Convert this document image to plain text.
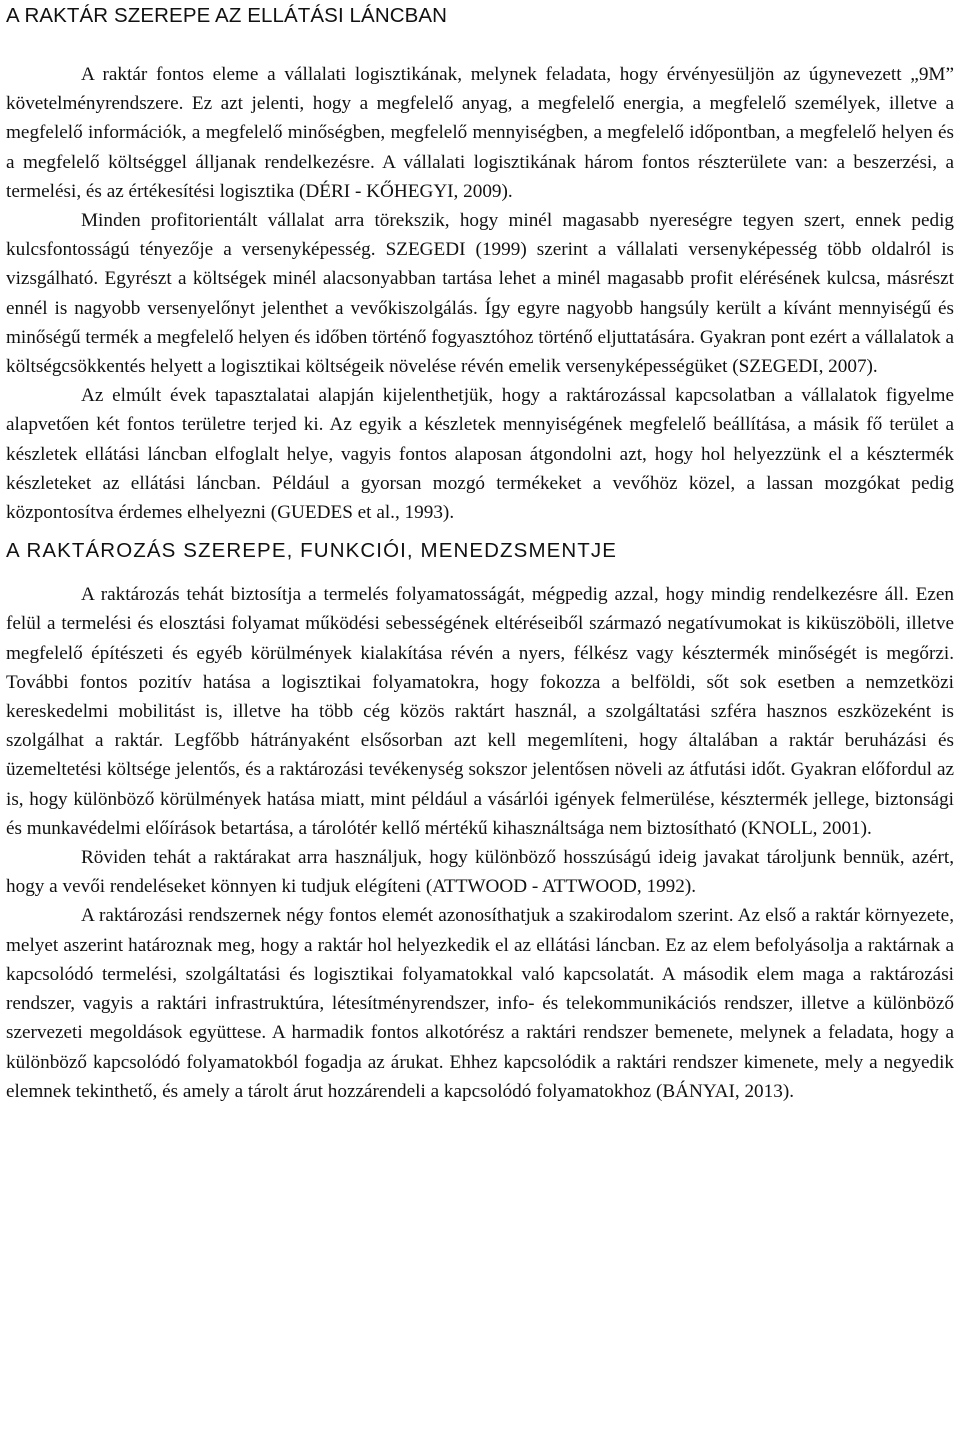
A RAKTÁR SZEREPE AZ ELLÁTÁSI LÁNCBAN

A raktár fontos eleme a vállalati logisztikának, melynek feladata, hogy érvényesüljön az úgynevezett „9M” követelményrendszere. Ez azt jelenti, hogy a megfelelő anyag, a megfelelő energia, a megfelelő személyek, illetve a megfelelő információk, a megfelelő minőségben, megfelelő mennyiségben, a megfelelő időpontban, a megfelelő helyen és a megfelelő költséggel álljanak rendelkezésre. A vállalati logisztikának három fontos részterülete van: a beszerzési, a termelési, és az értékesítési logisztika (DÉRI - KŐHEGYI, 2009).

Minden profitorientált vállalat arra törekszik, hogy minél magasabb nyereségre tegyen szert, ennek pedig kulcsfontosságú tényezője a versenyképesség. SZEGEDI (1999) szerint a vállalati versenyképesség több oldalról is vizsgálható. Egyrészt a költségek minél alacsonyabban tartása lehet a minél magasabb profit elérésének kulcsa, másrészt ennél is nagyobb versenyelőnyt jelenthet a vevőkiszolgálás. Így egyre nagyobb hangsúly került a kívánt mennyiségű és minőségű termék a megfelelő helyen és időben történő fogyasztóhoz történő eljuttatására. Gyakran pont ezért a vállalatok a költségcsökkentés helyett a logisztikai költségeik növelése révén emelik versenyképességüket (SZEGEDI, 2007).

Az elmúlt évek tapasztalatai alapján kijelenthetjük, hogy a raktározással kapcsolatban a vállalatok figyelme alapvetően két fontos területre terjed ki. Az egyik a készletek mennyiségének megfelelő beállítása, a másik fő terület a készletek ellátási láncban elfoglalt helye, vagyis fontos alaposan átgondolni azt, hogy hol helyezzünk el a késztermék készleteket az ellátási láncban. Például a gyorsan mozgó termékeket a vevőhöz közel, a lassan mozgókat pedig központosítva érdemes elhelyezni (GUEDES et al., 1993).

A RAKTÁROZÁS SZEREPE, FUNKCIÓI, MENEDZSMENTJE

A raktározás tehát biztosítja a termelés folyamatosságát, mégpedig azzal, hogy mindig rendelkezésre áll. Ezen felül a termelési és elosztási folyamat működési sebességének eltéréseiből származó negatívumokat is kiküszöböli, illetve megfelelő építészeti és egyéb körülmények kialakítása révén a nyers, félkész vagy késztermék minőségét is megőrzi. További fontos pozitív hatása a logisztikai folyamatokra, hogy fokozza a belföldi, sőt sok esetben a nemzetközi kereskedelmi mobilitást is, illetve ha több cég közös raktárt használ, a szolgáltatási szféra hasznos eszközeként is szolgálhat a raktár. Legfőbb hátrányaként elsősorban azt kell megemlíteni, hogy általában a raktár beruházási és üzemeltetési költsége jelentős, és a raktározási tevékenység sokszor jelentősen növeli az átfutási időt. Gyakran előfordul az is, hogy különböző körülmények hatása miatt, mint például a vásárlói igények felmerülése, késztermék jellege, biztonsági és munkavédelmi előírások betartása, a tárolótér kellő mértékű kihasználtsága nem biztosítható (KNOLL, 2001).

Röviden tehát a raktárakat arra használjuk, hogy különböző hosszúságú ideig javakat tároljunk bennük, azért, hogy a vevői rendeléseket könnyen ki tudjuk elégíteni (ATTWOOD - ATTWOOD, 1992).

A raktározási rendszernek négy fontos elemét azonosíthatjuk a szakirodalom szerint. Az első a raktár környezete, melyet aszerint határoznak meg, hogy a raktár hol helyezkedik el az ellátási láncban. Ez az elem befolyásolja a raktárnak a kapcsolódó termelési, szolgáltatási és logisztikai folyamatokkal való kapcsolatát. A második elem maga a raktározási rendszer, vagyis a raktári infrastruktúra, létesítményrendszer, info- és telekommunikációs rendszer, illetve a különböző szervezeti megoldások együttese. A harmadik fontos alkotórész a raktári rendszer bemenete, melynek a feladata, hogy a különböző kapcsolódó folyamatokból fogadja az árukat. Ehhez kapcsolódik a raktári rendszer kimenete, mely a negyedik elemnek tekinthető, és amely a tárolt árut hozzárendeli a kapcsolódó folyamatokhoz (BÁNYAI, 2013).
